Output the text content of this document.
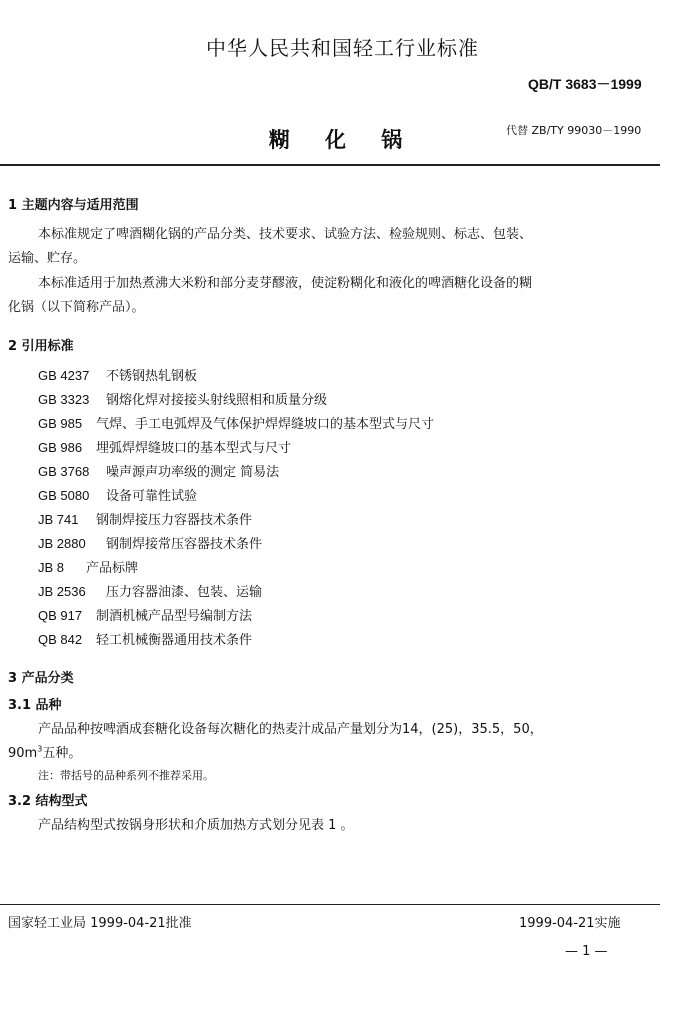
中华人民共和国轻工行业标准
QB/T 3683－1999
糊 化 锅	代替 ZB/TY 99030－1990
1 主题内容与适用范围
本标准规定了啤酒糊化锅的产品分类、技术要求、试验方法、检验规则、标志、包装、
运输、贮存。
本标准适用于加热煮沸大米粉和部分麦芽醪液，使淀粉糊化和液化的啤酒糖化设备的糊
化锅（以下简称产品）。
2 引用标准
GB 4237 不锈钢热轧钢板
GB 3323 钢熔化焊对接接头射线照相和质量分级
GB 985 气焊、手工电弧焊及气体保护焊焊缝坡口的基本型式与尺寸
GB 986 埋弧焊焊缝坡口的基本型式与尺寸
GB 3768 噪声源声功率级的测定 简易法
GB 5080 设备可靠性试验
JB 741 钢制焊接压力容器技术条件
JB 2880 钢制焊接常压容器技术条件
JB 8 产品标牌
JB 2536 压力容器油漆、包装、运输
QB 917 制酒机械产品型号编制方法
QB 842 轻工机械衡器通用技术条件
3 产品分类
3.1 品种
产品品种按啤酒成套糖化设备每次糖化的热麦汁成品产量划分为14，(25)，35.5，50，
$90m^3$五种。
注：带括号的品种系列不推荐采用。
3.2 结构型式
产品结构型式按锅身形状和介质加热方式划分见表 1 。
国家轻工业局 1999-04-21批准	1999-04-21实施
— 1 —
